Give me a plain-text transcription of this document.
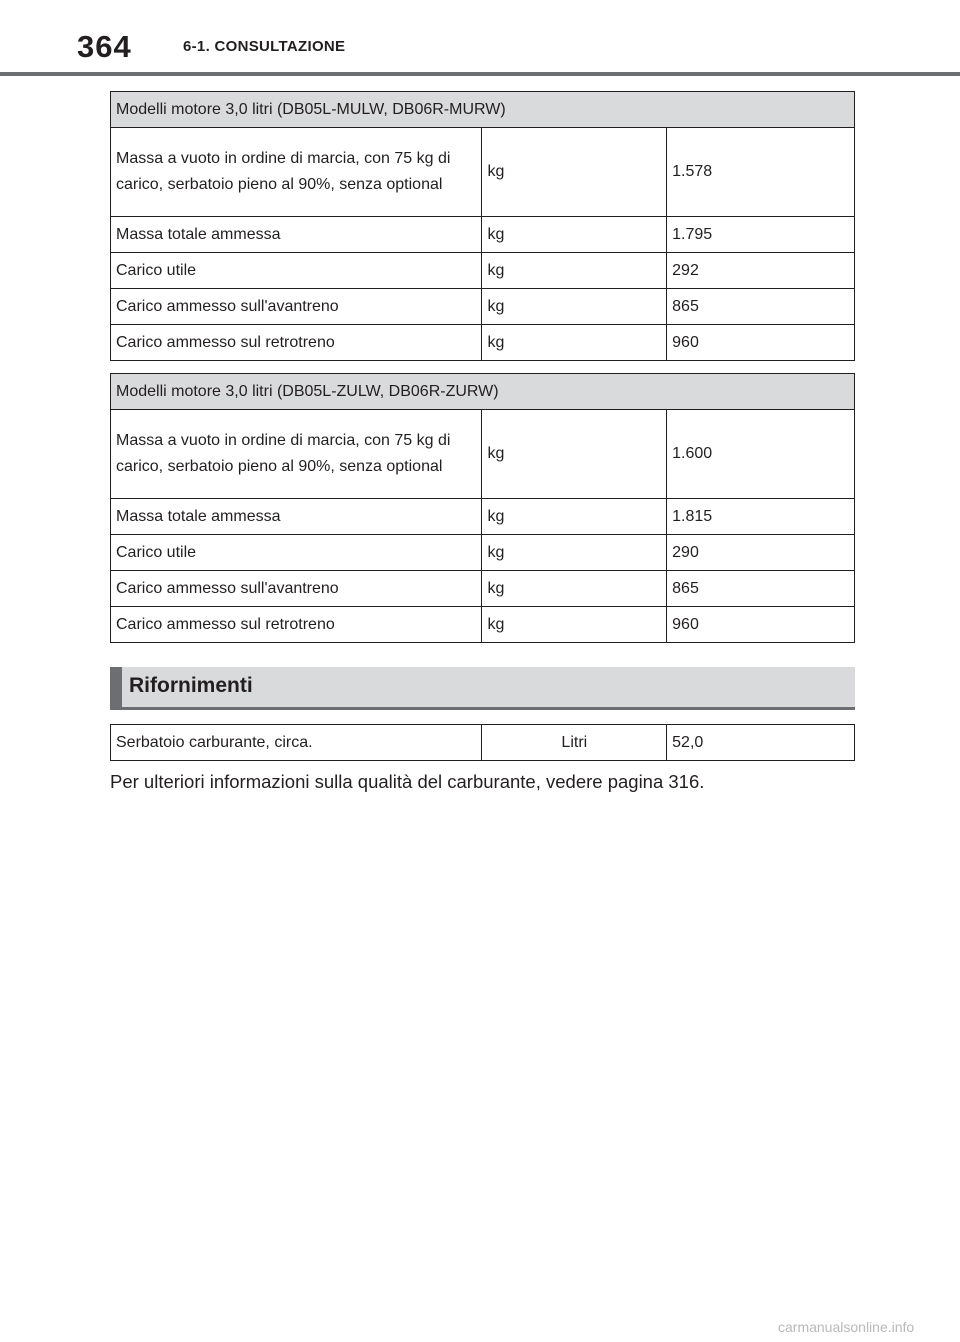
364	6-1. CONSULTAZIONE
Modelli motore 3,0 litri (DB05L-MULW, DB06R-MURW)		
Massa a vuoto in ordine di marcia, con 75 kg di carico, serbatoio pieno al 90%, senza optional	kg	1.578
Massa totale ammessa	kg	1.795
Carico utile	kg	292
Carico ammesso sull'avantreno	kg	865
Carico ammesso sul retrotreno	kg	960
Modelli motore 3,0 litri (DB05L-ZULW, DB06R-ZURW)		
Massa a vuoto in ordine di marcia, con 75 kg di carico, serbatoio pieno al 90%, senza optional	kg	1.600
Massa totale ammessa	kg	1.815
Carico utile	kg	290
Carico ammesso sull'avantreno	kg	865
Carico ammesso sul retrotreno	kg	960
Rifornimenti
Serbatoio carburante, circa.	Litri	52,0
Per ulteriori informazioni sulla qualità del carburante, vedere pagina 316.
carmanualsonline.info
